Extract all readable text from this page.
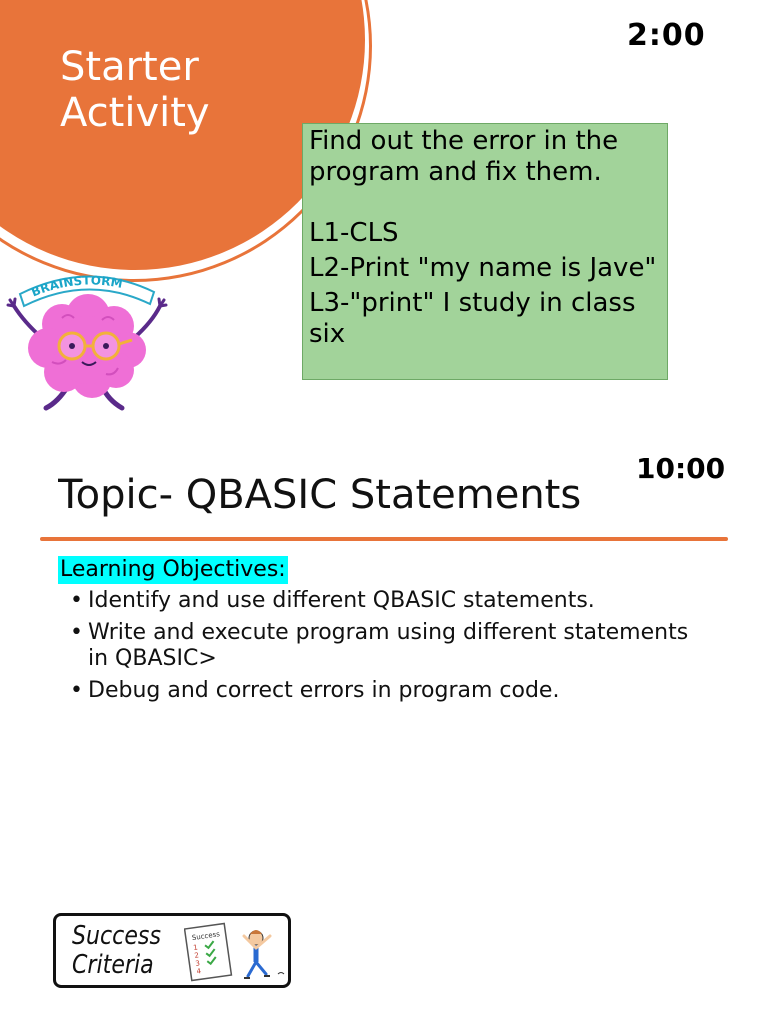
Starter
Activity
2:00

Find out the error in the program and fix them.

L1-CLS

L2-Print "my name is Jave"

L3-"print" I study in class six

BRAINSTORM
Topic- QBASIC Statements
10:00
Learning Objectives:
• Identify and use different QBASIC statements.
• Write and execute program using different statements in QBASIC>
• Debug and correct errors in program code.
Success
Criteria
Success
1
2
3
4
